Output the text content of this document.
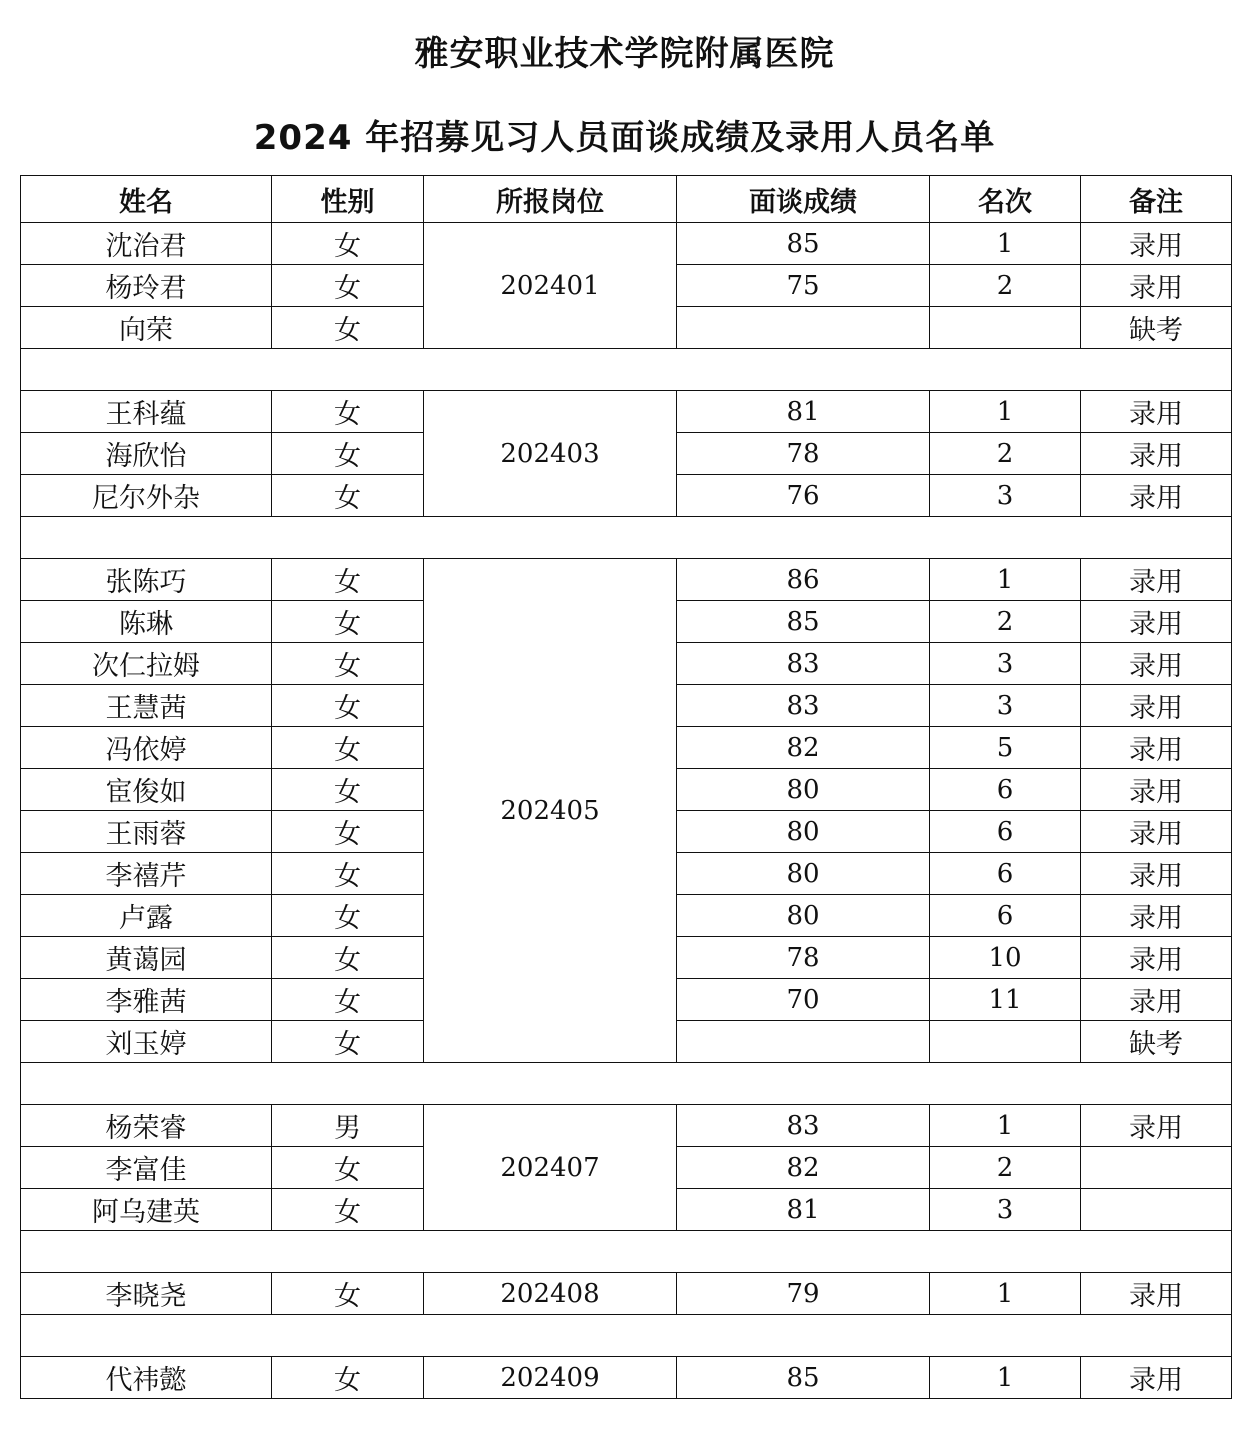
雅安职业技术学院附属医院
2024 年招募见习人员面谈成绩及录用人员名单
姓名	性别	所报岗位	面谈成绩	名次	备注
沈治君	女	202401	85	1	录用
杨玲君	女		75	2	录用
向荣	女				缺考

王科蕴	女	202403	81	1	录用
海欣怡	女		78	2	录用
尼尔外杂	女		76	3	录用

张陈巧	女	202405	86	1	录用
陈琳	女		85	2	录用
次仁拉姆	女		83	3	录用
王慧茜	女		83	3	录用
冯依婷	女		82	5	录用
宦俊如	女		80	6	录用
王雨蓉	女		80	6	录用
李禧芹	女		80	6	录用
卢露	女		80	6	录用
黄蔼园	女		78	10	录用
李雅茜	女		70	11	录用
刘玉婷	女				缺考

杨荣睿	男	202407	83	1	录用
李富佳	女		82	2	
阿乌建英	女		81	3	

李晓尧	女	202408	79	1	录用

代祎懿	女	202409	85	1	录用
